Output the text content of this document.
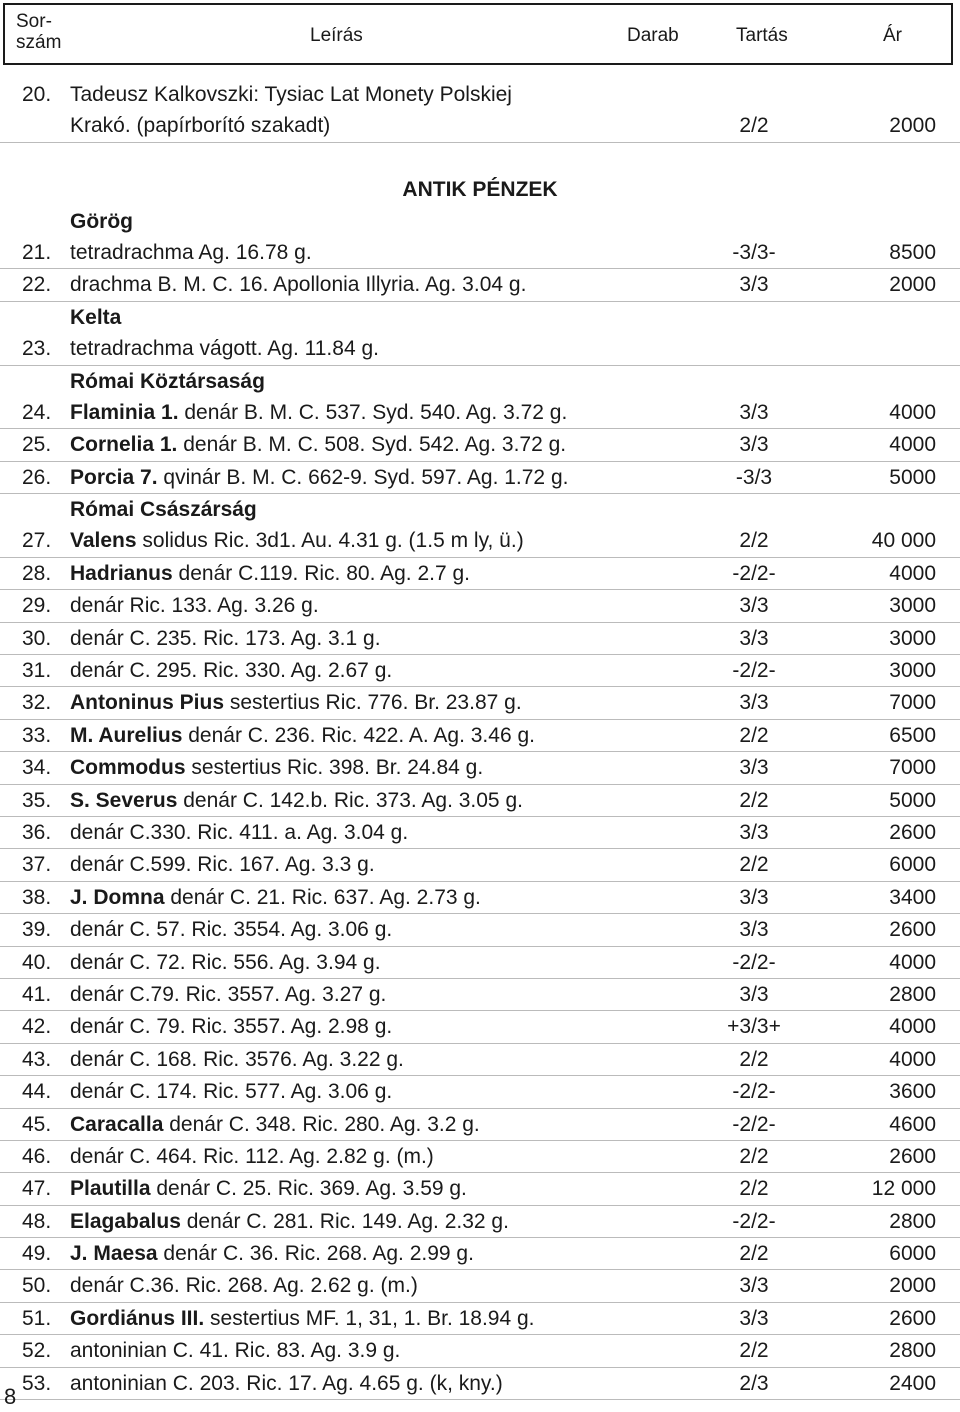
Sor-
szám	Leírás	Darab	Tartás	Ár
20. Tadeusz Kalkovszki: Tysiac Lat Monety Polskiej
Krakó. (papírborító szakadt)	2/2	2000
ANTIK PÉNZEK
Görög
21. tetradrachma Ag. 16.78 g.	-3/3-	8500
22. drachma B. M. C. 16. Apollonia Illyria. Ag. 3.04 g.	3/3	2000
Kelta
23. tetradrachma vágott. Ag. 11.84 g.
Római Köztársaság
24. Flaminia 1. denár B. M. C. 537. Syd. 540. Ag. 3.72 g.	3/3	4000
25. Cornelia 1. denár B. M. C. 508. Syd. 542. Ag. 3.72 g.	3/3	4000
26. Porcia 7. qvinár B. M. C. 662-9. Syd. 597. Ag. 1.72 g.	-3/3	5000
Római Császárság
27. Valens solidus Ric. 3d1. Au. 4.31 g. (1.5 m ly, ü.)	2/2	40 000
28. Hadrianus denár C.119. Ric. 80. Ag. 2.7 g.	-2/2-	4000
29. denár Ric. 133. Ag. 3.26 g.	3/3	3000
30. denár C. 235. Ric. 173. Ag. 3.1 g.	3/3	3000
31. denár C. 295. Ric. 330. Ag. 2.67 g.	-2/2-	3000
32. Antoninus Pius sestertius Ric. 776. Br. 23.87 g.	3/3	7000
33. M. Aurelius denár C. 236. Ric. 422. A. Ag. 3.46 g.	2/2	6500
34. Commodus sestertius Ric. 398. Br. 24.84 g.	3/3	7000
35. S. Severus denár C. 142.b. Ric. 373. Ag. 3.05 g.	2/2	5000
36. denár C.330. Ric. 411. a. Ag. 3.04 g.	3/3	2600
37. denár C.599. Ric. 167. Ag. 3.3 g.	2/2	6000
38. J. Domna denár C. 21. Ric. 637. Ag. 2.73 g.	3/3	3400
39. denár C. 57. Ric. 3554. Ag. 3.06 g.	3/3	2600
40. denár C. 72. Ric. 556. Ag. 3.94 g.	-2/2-	4000
41. denár C.79. Ric. 3557. Ag. 3.27 g.	3/3	2800
42. denár C. 79. Ric. 3557. Ag. 2.98 g.	+3/3+	4000
43. denár C. 168. Ric. 3576. Ag. 3.22 g.	2/2	4000
44. denár C. 174. Ric. 577. Ag. 3.06 g.	-2/2-	3600
45. Caracalla denár C. 348. Ric. 280. Ag. 3.2 g.	-2/2-	4600
46. denár C. 464. Ric. 112. Ag. 2.82 g. (m.)	2/2	2600
47. Plautilla denár C. 25. Ric. 369. Ag. 3.59 g.	2/2	12 000
48. Elagabalus denár C. 281. Ric. 149. Ag. 2.32 g.	-2/2-	2800
49. J. Maesa denár C. 36. Ric. 268. Ag. 2.99 g.	2/2	6000
50. denár C.36. Ric. 268. Ag. 2.62 g. (m.)	3/3	2000
51. Gordiánus III. sestertius MF. 1, 31, 1. Br. 18.94 g.	3/3	2600
52. antoninian C. 41. Ric. 83. Ag. 3.9 g.	2/2	2800
53. antoninian C. 203. Ric. 17. Ag. 4.65 g. (k, kny.)	2/3	2400
8
